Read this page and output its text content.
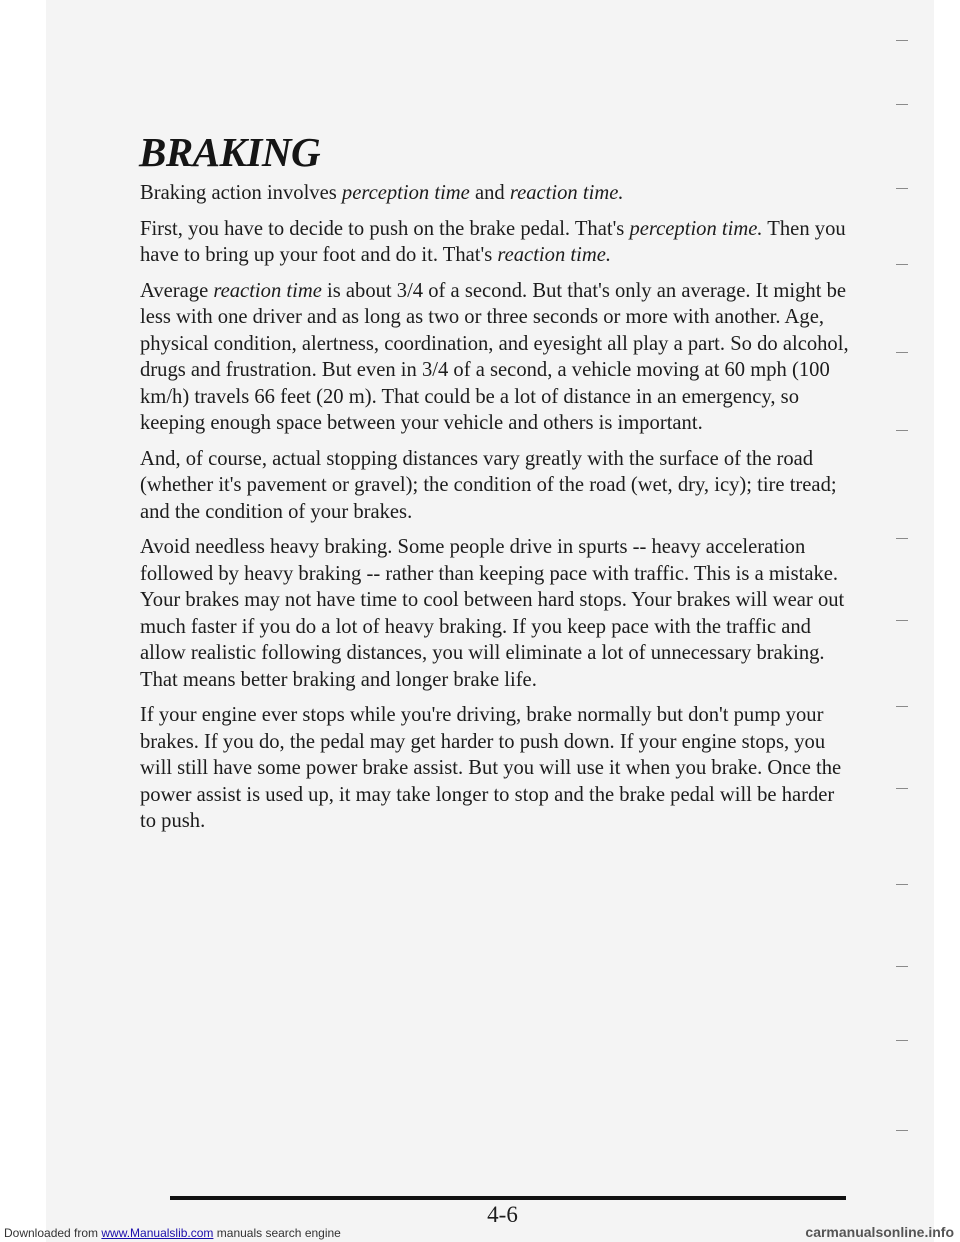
BRAKING

Braking action involves perception time and reaction time.

First, you have to decide to push on the brake pedal. That's perception time. Then you have to bring up your foot and do it. That's reaction time.

Average reaction time is about 3/4 of a second. But that's only an average. It might be less with one driver and as long as two or three seconds or more with another. Age, physical condition, alertness, coordination, and eyesight all play a part. So do alcohol, drugs and frustration. But even in 3/4 of a second, a vehicle moving at 60 mph (100 km/h) travels 66 feet (20 m). That could be a lot of distance in an emergency, so keeping enough space between your vehicle and others is important.

And, of course, actual stopping distances vary greatly with the surface of the road (whether it's pavement or gravel); the condition of the road (wet, dry, icy); tire tread; and the condition of your brakes.

Avoid needless heavy braking. Some people drive in spurts -- heavy acceleration followed by heavy braking -- rather than keeping pace with traffic. This is a mistake. Your brakes may not have time to cool between hard stops. Your brakes will wear out much faster if you do a lot of heavy braking. If you keep pace with the traffic and allow realistic following distances, you will eliminate a lot of unnecessary braking. That means better braking and longer brake life.

If your engine ever stops while you're driving, brake normally but don't pump your brakes. If you do, the pedal may get harder to push down. If your engine stops, you will still have some power brake assist. But you will use it when you brake. Once the power assist is used up, it may take longer to stop and the brake pedal will be harder to push.

4-6
Downloaded from www.Manualslib.com manuals search engine	carmanualsonline.info
